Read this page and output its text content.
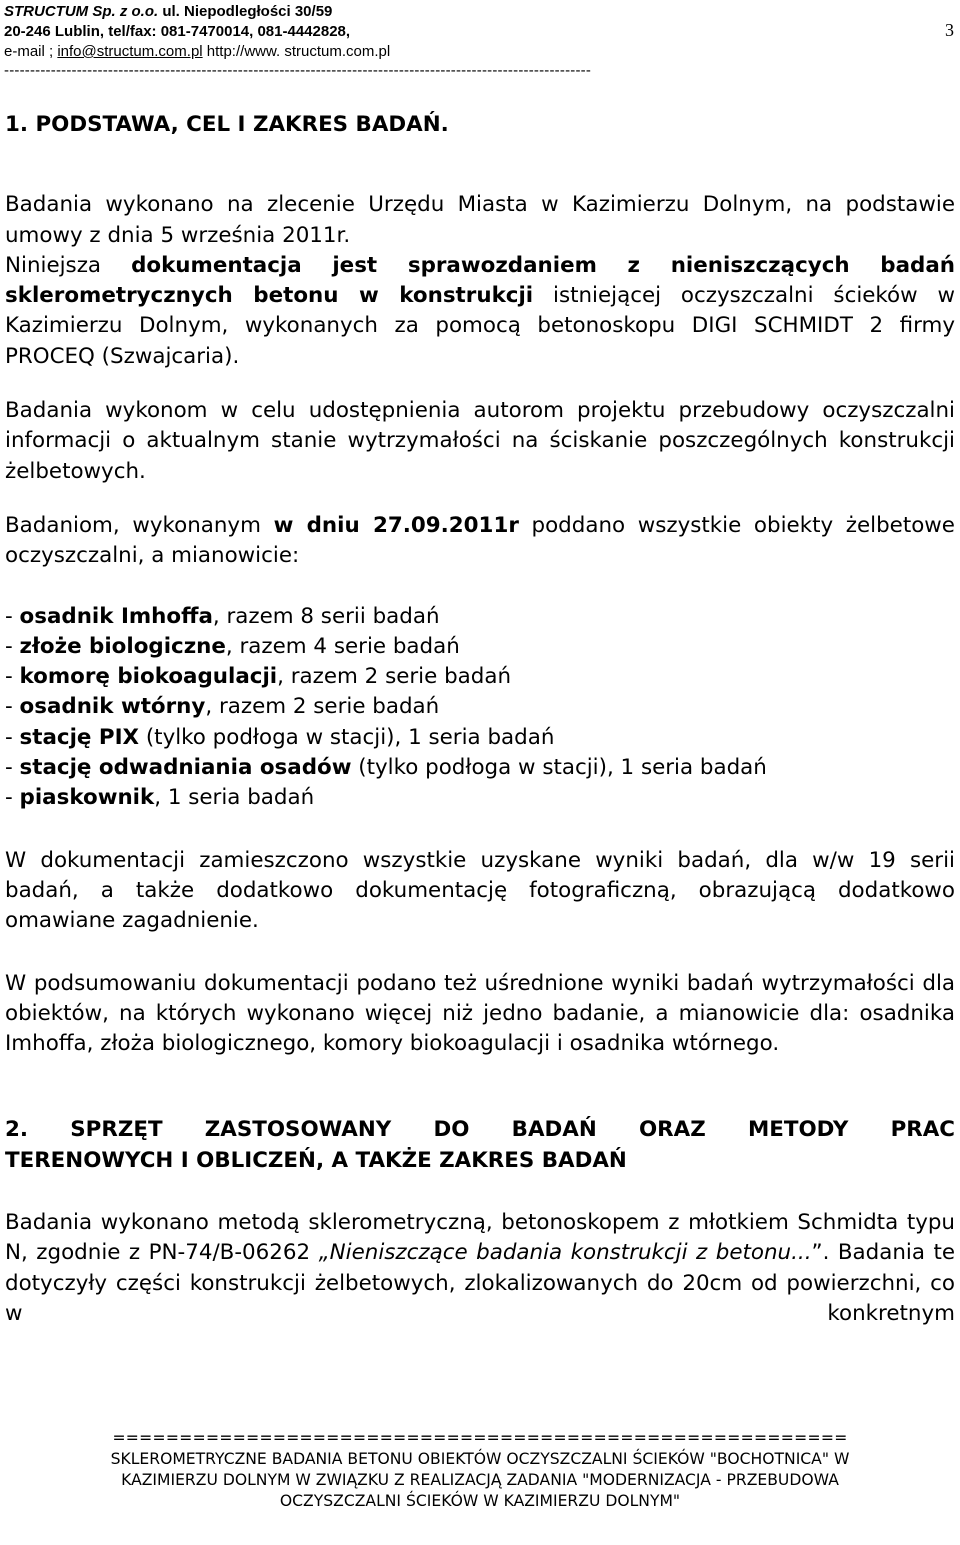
STRUCTUM Sp. z o.o. ul. Niepodległości 30/59
20-246 Lublin, tel/fax: 081-7470014, 081-4442828,
e-mail ; info@structum.com.pl http://www. structum.com.pl
3
-----------------------------------------------------------------------------------------------------------------

1. PODSTAWA, CEL I ZAKRES BADAŃ.

Badania wykonano na zlecenie Urzędu Miasta w Kazimierzu Dolnym, na podstawie umowy z dnia 5 września 2011r.

Niniejsza dokumentacja jest sprawozdaniem z nieniszczących badań sklerometrycznych betonu w konstrukcji istniejącej oczyszczalni ścieków w Kazimierzu Dolnym, wykonanych za pomocą betonoskopu DIGI SCHMIDT 2 firmy PROCEQ (Szwajcaria).

Badania wykonom w celu udostępnienia autorom projektu przebudowy oczyszczalni informacji o aktualnym stanie wytrzymałości na ściskanie poszczególnych konstrukcji żelbetowych.

Badaniom, wykonanym w dniu 27.09.2011r poddano wszystkie obiekty żelbetowe oczyszczalni, a mianowicie:

- osadnik Imhoffa, razem 8 serii badań
- złoże biologiczne, razem 4 serie badań
- komorę biokoagulacji, razem 2 serie badań
- osadnik wtórny, razem 2 serie badań
- stację PIX (tylko podłoga w stacji), 1 seria badań
- stację odwadniania osadów (tylko podłoga w stacji), 1 seria badań
- piaskownik, 1 seria badań

W dokumentacji zamieszczono wszystkie uzyskane wyniki badań, dla w/w 19 serii badań, a także dodatkowo dokumentację fotograficzną, obrazującą dodatkowo omawiane zagadnienie.

W podsumowaniu dokumentacji podano też uśrednione wyniki badań wytrzymałości dla obiektów, na których wykonano więcej niż jedno badanie, a mianowicie dla: osadnika Imhoffa, złoża biologicznego, komory biokoagulacji i osadnika wtórnego.

2. SPRZĘT ZASTOSOWANY DO BADAŃ ORAZ METODY PRAC

TERENOWYCH I OBLICZEŃ, A TAKŻE ZAKRES BADAŃ

Badania wykonano metodą sklerometryczną, betonoskopem z młotkiem Schmidta typu N, zgodnie z PN-74/B-06262 „Nieniszczące badania konstrukcji z betonu...”. Badania te dotyczyły części konstrukcji żelbetowych, zlokalizowanych do 20cm od powierzchni, co w konkretnym

=======================================================
SKLEROMETRYCZNE BADANIA BETONU OBIEKTÓW OCZYSZCZALNI ŚCIEKÓW "BOCHOTNICA" W
KAZIMIERZU DOLNYM W ZWIĄZKU Z REALIZACJĄ ZADANIA "MODERNIZACJA - PRZEBUDOWA
OCZYSZCZALNI ŚCIEKÓW W KAZIMIERZU DOLNYM"
